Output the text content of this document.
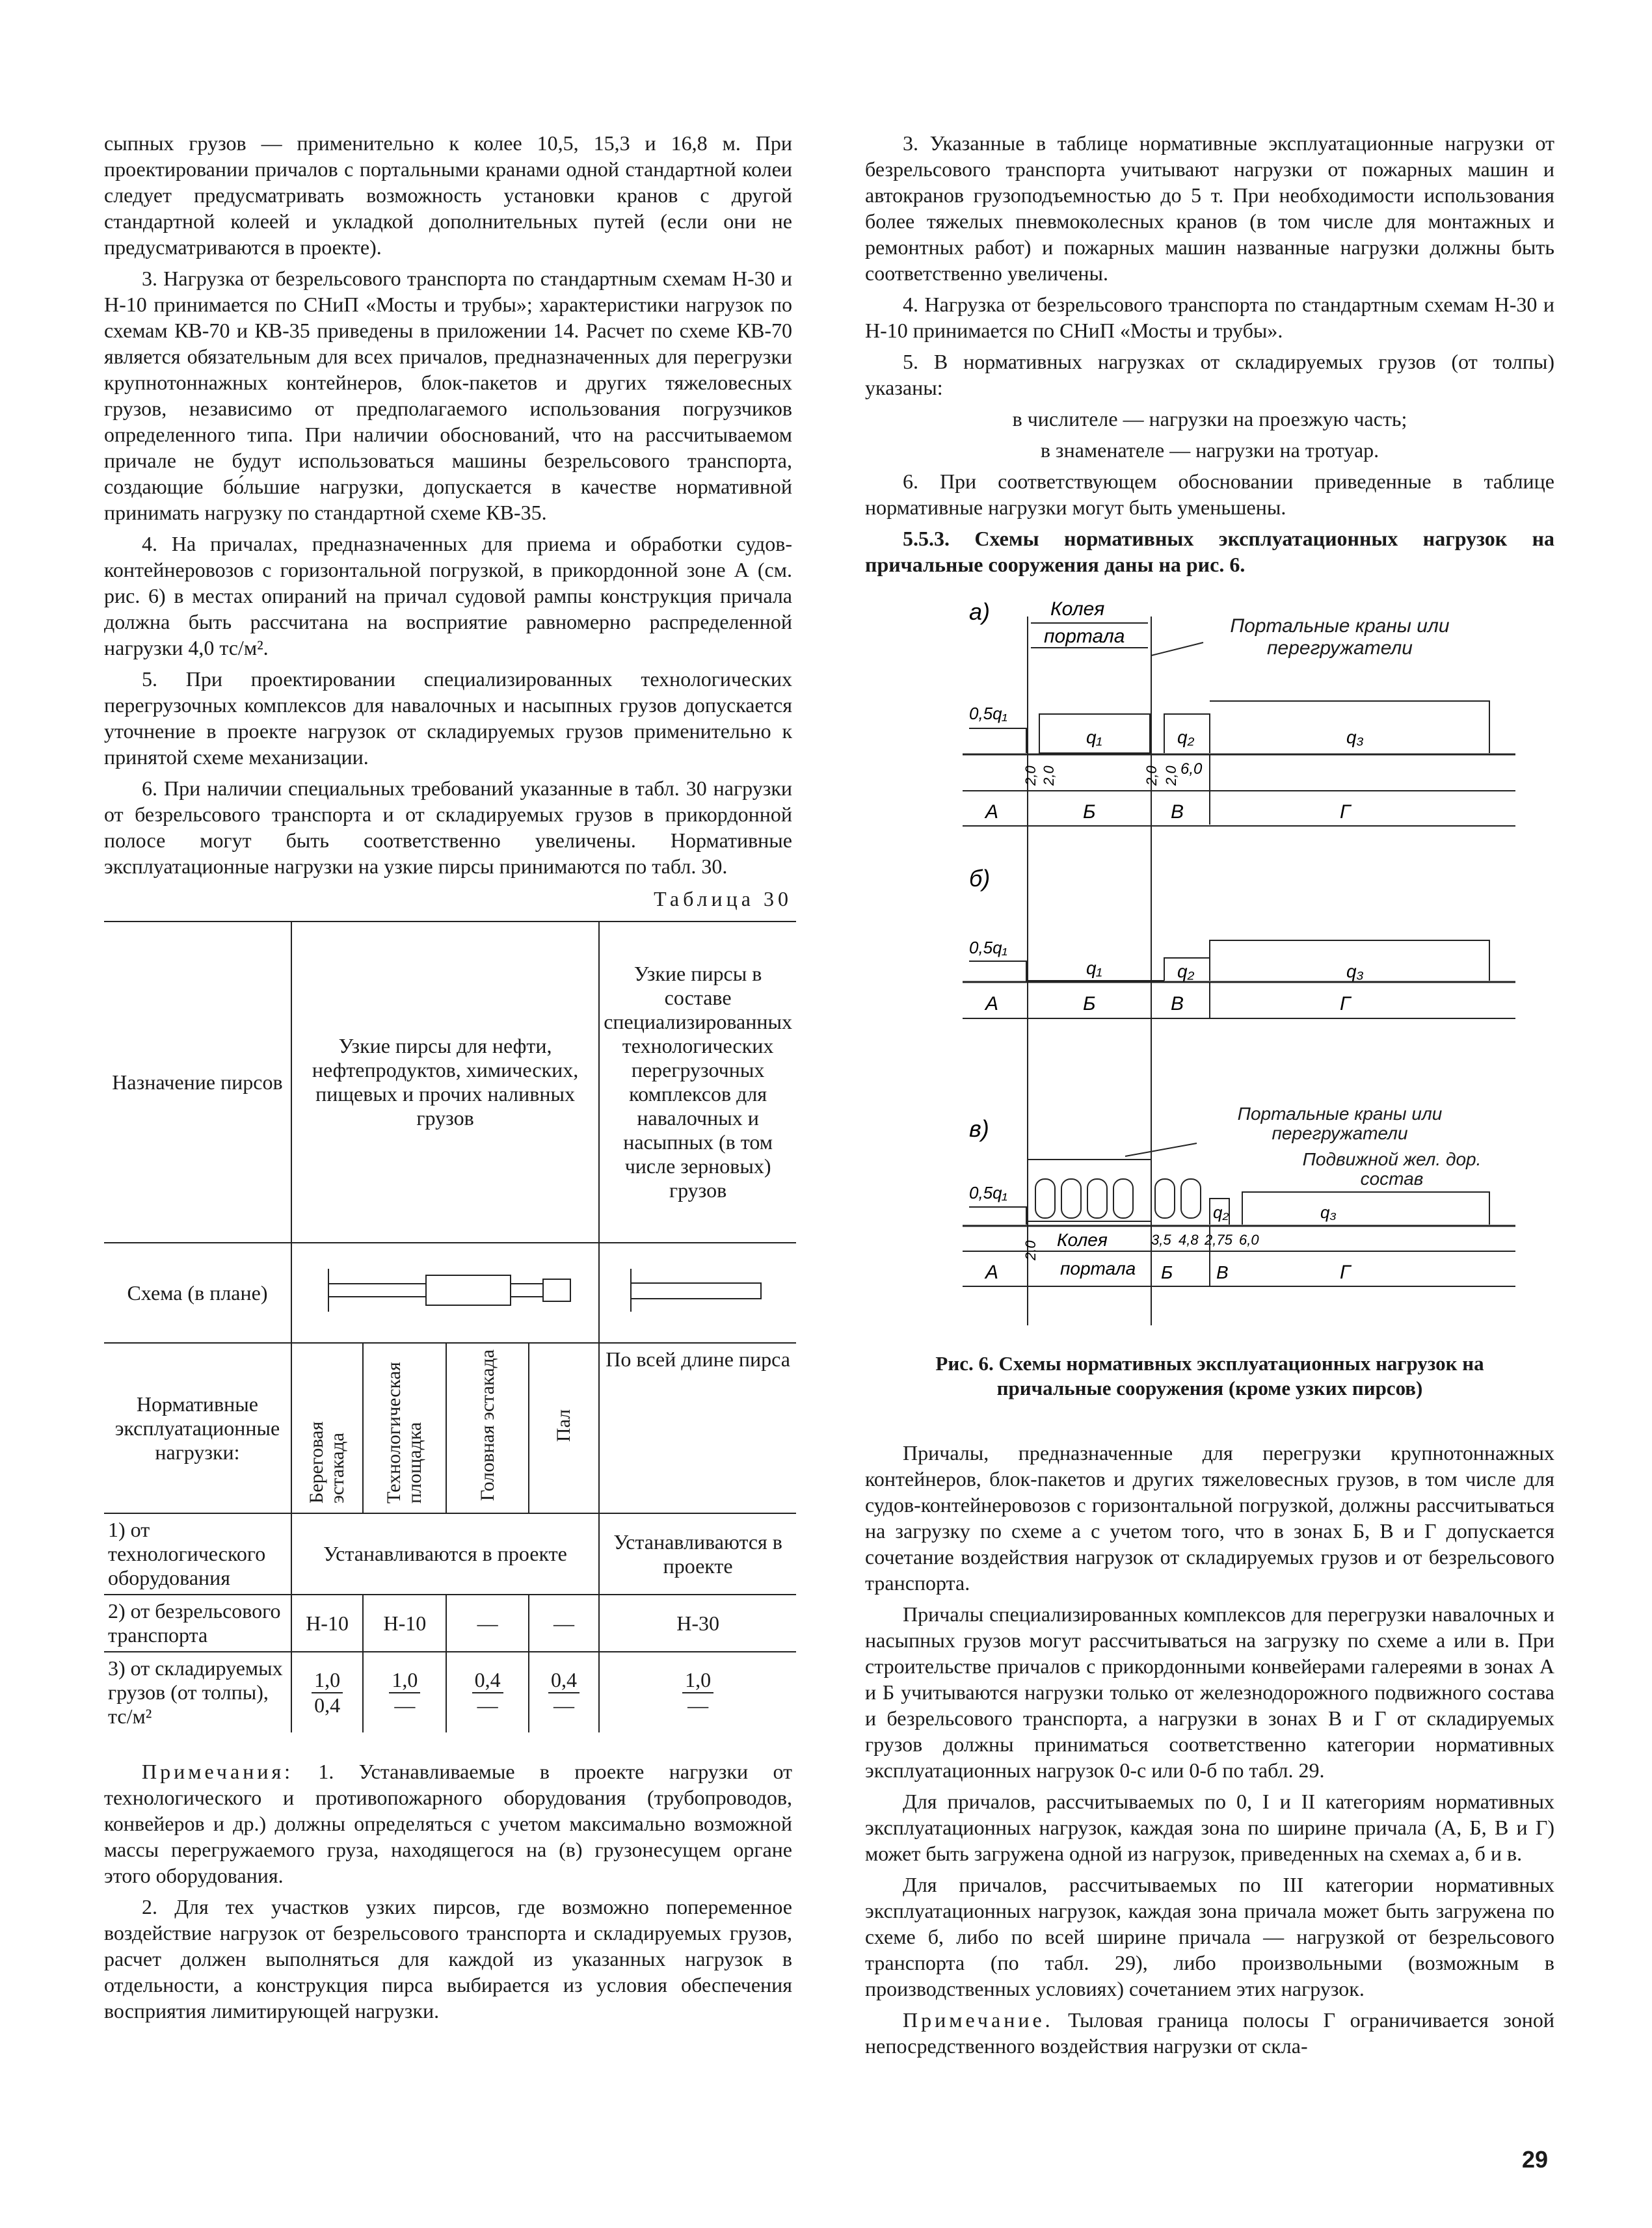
сыпных грузов — применительно к колее 10,5, 15,3 и 16,8 м. При проектировании причалов с портальными кранами одной стандартной колеи следует предусматривать возможность установки кранов с другой стандартной колеей и укладкой дополнительных путей (если они не предусматриваются в проекте).

3. Нагрузка от безрельсового транспорта по стандартным схемам Н-30 и Н-10 принимается по СНиП «Мосты и трубы»; характеристики нагрузок по схемам КВ-70 и КВ-35 приведены в приложении 14. Расчет по схеме КВ-70 является обязательным для всех причалов, предназначенных для перегрузки крупнотоннажных контейнеров, блок-пакетов и других тяжеловесных грузов, независимо от предполагаемого использования погрузчиков определенного типа. При наличии обоснований, что на рассчитываемом причале не будут использоваться машины безрельсового транспорта, создающие бо́льшие нагрузки, допускается в качестве нормативной принимать нагрузку по стандартной схеме КВ-35.

4. На причалах, предназначенных для приема и обработки судов-контейнеровозов с горизонтальной погрузкой, в прикордонной зоне А (см. рис. 6) в местах опираний на причал судовой рампы конструкция причала должна быть рассчитана на восприятие равномерно распределенной нагрузки 4,0 тс/м².

5. При проектировании специализированных технологических перегрузочных комплексов для навалочных и насыпных грузов допускается уточнение в проекте нагрузок от складируемых грузов применительно к принятой схеме механизации.

6. При наличии специальных требований указанные в табл. 30 нагрузки от безрельсового транспорта и от складируемых грузов в прикордонной полосе могут быть соответственно увеличены. Нормативные эксплуатационные нагрузки на узкие пирсы принимаются по табл. 30.

Таблица 30
Назначение пирсов	Узкие пирсы для нефти, нефтепродуктов, химических, пищевых и прочих наливных грузов				Узкие пирсы в составе специализированных технологических перегрузочных комплексов для навалочных и насыпных (в том числе зерновых) грузов
Схема (в плане)		
Нормативные эксплуатационные нагрузки:	Береговая эстакада	Технологическая площадка	Головная эстакада	Пал	По всей длине пирса
1) от технологического оборудования	Устанавливаются в проекте				Устанавливаются в проекте
2) от безрельсового транспорта	Н-10	Н-10	—	—	Н-30
3) от складируемых грузов (от толпы), тс/м²	$\frac{1,0}{0,4}$	$\frac{1,0}{—}$	$\frac{0,4}{—}$	$\frac{0,4}{—}$	$\frac{1,0}{—}$

Примечания: 1. Устанавливаемые в проекте нагрузки от технологического и противопожарного оборудования (трубопроводов, конвейеров и др.) должны определяться с учетом максимально возможной массы перегружаемого груза, находящегося на (в) грузонесущем органе этого оборудования.

2. Для тех участков узких пирсов, где возможно попеременное воздействие нагрузок от безрельсового транспорта и складируемых грузов, расчет должен выполняться для каждой из указанных нагрузок в отдельности, а конструкция пирса выбирается из условия обеспечения восприятия лимитирующей нагрузки.

3. Указанные в таблице нормативные эксплуатационные нагрузки от безрельсового транспорта учитывают нагрузки от пожарных машин и автокранов грузоподъемностью до 5 т. При необходимости использования более тяжелых пневмоколесных кранов (в том числе для монтажных и ремонтных работ) и пожарных машин названные нагрузки должны быть соответственно увеличены.

4. Нагрузка от безрельсового транспорта по стандартным схемам Н-30 и Н-10 принимается по СНиП «Мосты и трубы».

5. В нормативных нагрузках от складируемых грузов (от толпы) указаны:

в числителе — нагрузки на проезжую часть;

в знаменателе — нагрузки на тротуар.

6. При соответствующем обосновании приведенные в таблице нормативные нагрузки могут быть уменьшены.

5.5.3. Схемы нормативных эксплуатационных нагрузок на причальные сооружения даны на рис. 6.

а)	Колея
портала	Портальные краны или перегружатели
0,5q₁
q₁	q₂	q₃
2,0 2,0	2,0 2,0 6,0
А	Б	В	Г
б)
0,5q₁
q₁	q₂	q₃
А	Б	В	Г
в)
Портальные краны или перегружатели
Подвижной жел. дор. состав
0,5q₁
q₂	q₃
2,0
Колея	3,5 4,8 2,75 6,0
портала
А	Б В	Г
Рис. 6. Схемы нормативных эксплуатационных нагрузок на причальные сооружения (кроме узких пирсов)

Причалы, предназначенные для перегрузки крупнотоннажных контейнеров, блок-пакетов и других тяжеловесных грузов, в том числе для судов-контейнеровозов с горизонтальной погрузкой, должны рассчитываться на загрузку по схеме а с учетом того, что в зонах Б, В и Г допускается сочетание воздействия нагрузок от складируемых грузов и от безрельсового транспорта.

Причалы специализированных комплексов для перегрузки навалочных и насыпных грузов могут рассчитываться на загрузку по схеме а или в. При строительстве причалов с прикордонными конвейерами галереями в зонах А и Б учитываются нагрузки только от железнодорожного подвижного состава и безрельсового транспорта, а нагрузки в зонах В и Г от складируемых грузов должны приниматься соответственно категории нормативных эксплуатационных нагрузок 0-с или 0-б по табл. 29.

Для причалов, рассчитываемых по 0, I и II категориям нормативных эксплуатационных нагрузок, каждая зона по ширине причала (А, Б, В и Г) может быть загружена одной из нагрузок, приведенных на схемах а, б и в.

Для причалов, рассчитываемых по III категории нормативных эксплуатационных нагрузок, каждая зона причала может быть загружена по схеме б, либо по всей ширине причала — нагрузкой от безрельсового транспорта (по табл. 29), либо произвольными (возможным в производственных условиях) сочетанием этих нагрузок.

Примечание. Тыловая граница полосы Г ограничивается зоной непосредственного воздействия нагрузки от скла-

29
